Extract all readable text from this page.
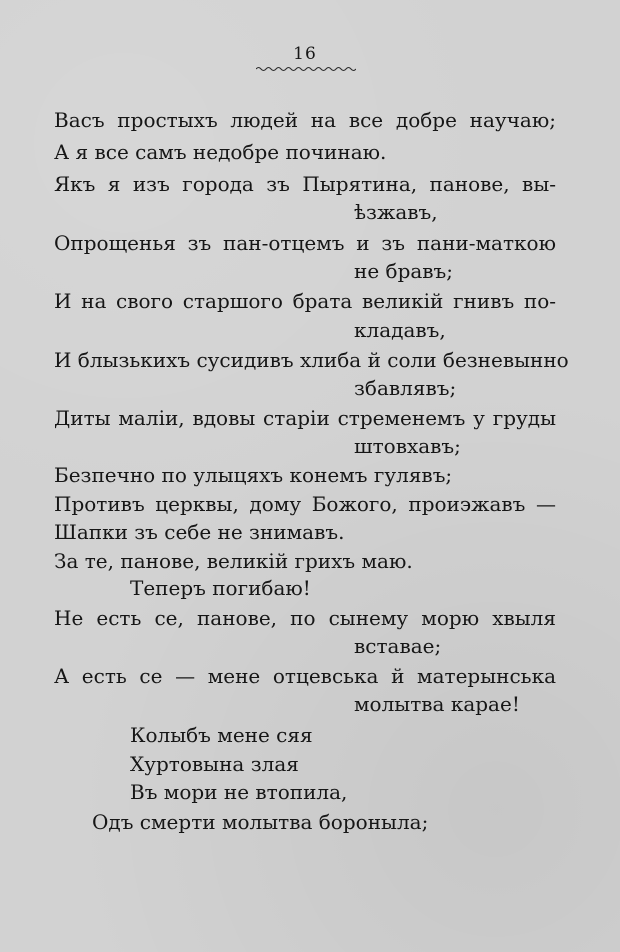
16
Васъ простыхъ людей на все добре научаю;
А я все самъ недобре починаю.
Якъ я изъ города зъ Пырятина, панове, вы-
ѣзжавъ,
Опрощенья зъ пан-отцемъ и зъ пани-маткою
не бравъ;
И на свого старшого брата великiй гнивъ по-
кладавъ,
И блызькихъ сусидивъ хлиба й соли безневынно
збавлявъ;
Диты малiи, вдовы старiи стременемъ у груды
штовхавъ;
Безпечно по улыцяхъ конемъ гулявъ;
Противъ церквы, дому Божого, проиэжавъ —
Шапки зъ себе не знимавъ.
За те, панове, великiй грихъ маю.
Теперъ погибаю!
Не есть се, панове, по сынему морю хвыля
вставае;
А есть се — мене отцевська й матерынська
молытва карае!
Колыбъ мене сяя
Хуртовына злая
Въ мори не втопила,
Одъ смерти молытва бороныла;
